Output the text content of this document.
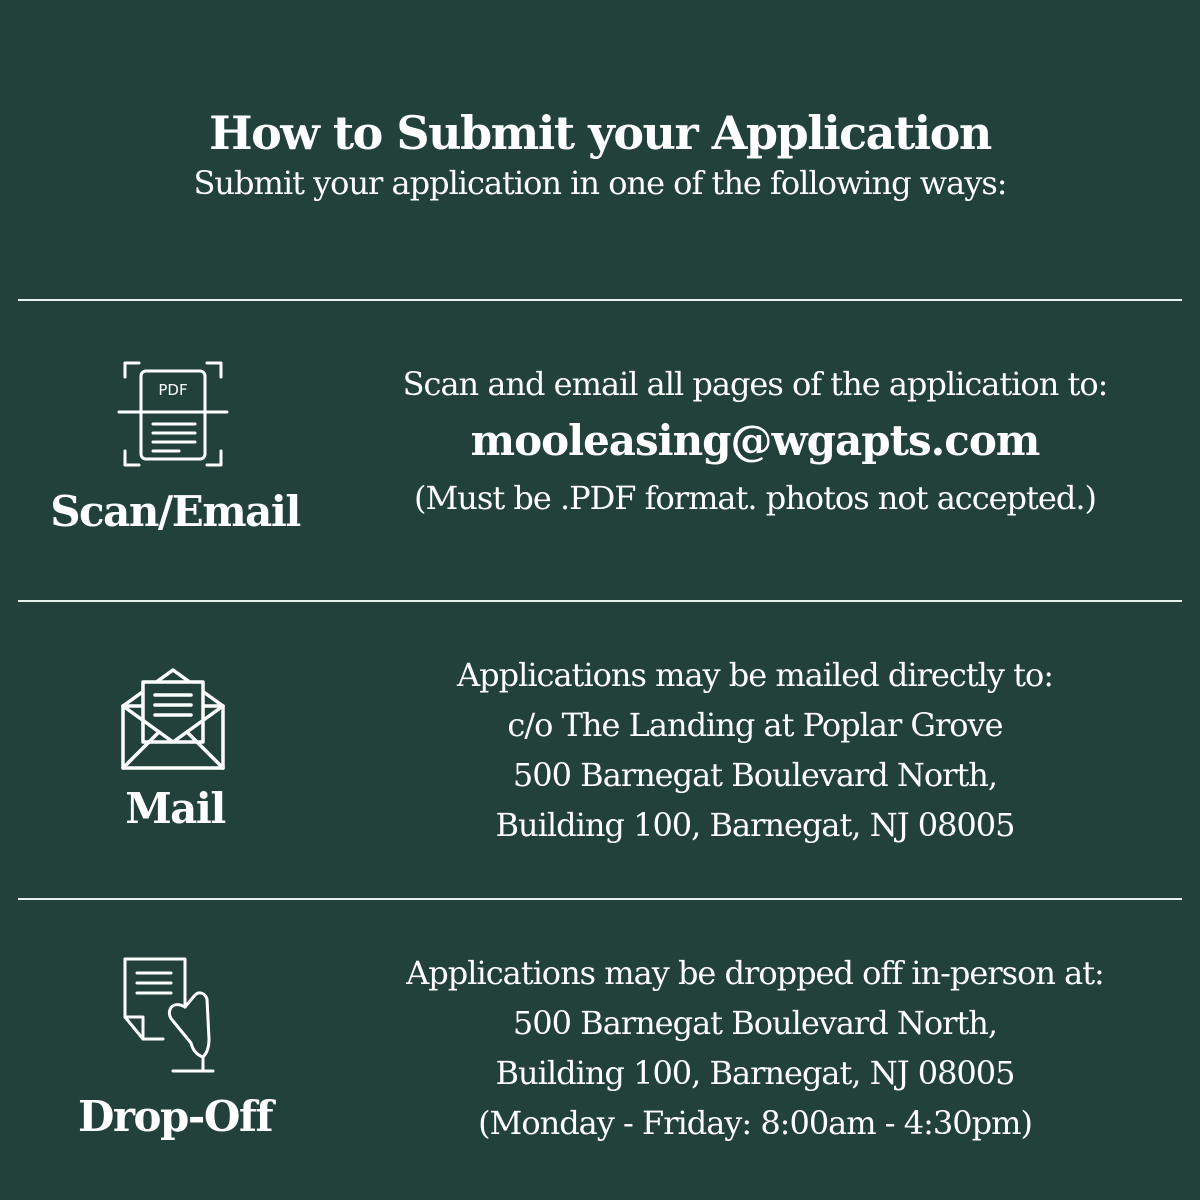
How to Submit your Application
Submit your application in one of the following ways:
PDF
Scan/Email
Scan and email all pages of the application to:
mooleasing@wgapts.com
(Must be .PDF format. photos not accepted.)
Mail
Applications may be mailed directly to:
c/o The Landing at Poplar Grove
500 Barnegat Boulevard North,
Building 100, Barnegat, NJ 08005
Drop-Off
Applications may be dropped off in-person at:
500 Barnegat Boulevard North,
Building 100, Barnegat, NJ 08005
(Monday - Friday: 8:00am - 4:30pm)
